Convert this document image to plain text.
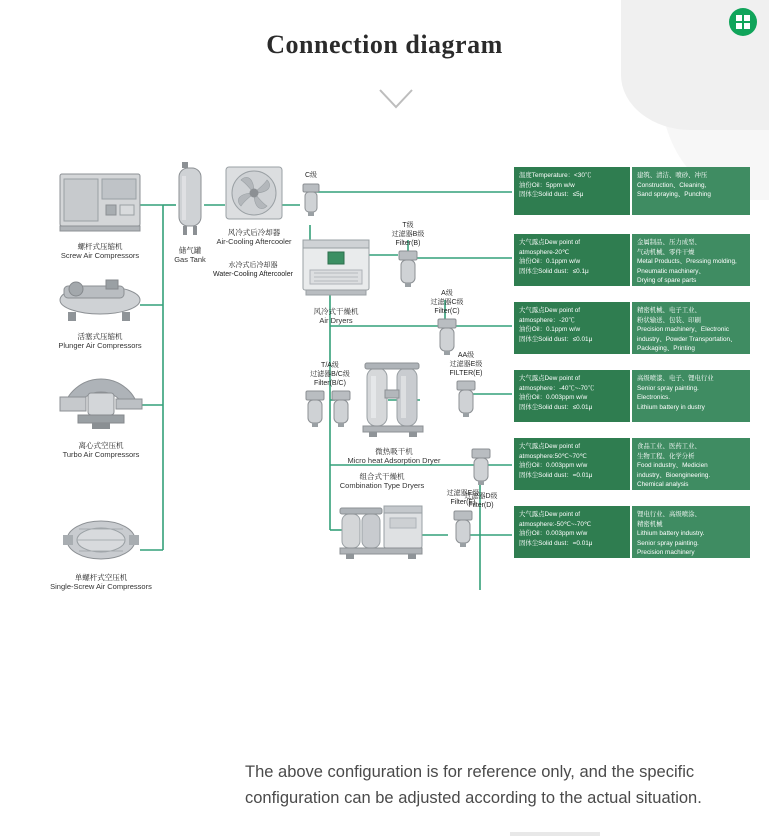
Connection diagram
螺杆式压缩机
Screw Air Compressors
活塞式压缩机
Plunger Air Compressors
离心式空压机
Turbo Air Compressors
单螺杆式空压机
Single-Screw Air Compressors
储气罐
Gas Tank
风冷式后冷却器
Air-Cooling Aftercooler
水冷式后冷却器
Water-Cooling Aftercooler
C级
风冷式干燥机
Air Dryers
T级
过滤器B级
Filter(B)
A级
过滤器C级
Filter(C)
T/A级
过滤器B/C级
Filter(B/C)
微热吸干机
Micro heat Adsorption Dryer
AA级
过滤器E级
FILTER(E)
过滤器D级
Filter(D)
组合式干燥机
Combination Type Dryers
过滤器E级
Filter(E)
温度Temperature：<30℃
油份Oil：5ppm w/w
固体尘Solid dust：≤5μ
建筑、清洁、喷砂、冲压
Construction、Cleaning,
Sand spraying、Punching
大气露点Dew point of
atmosphere-20℃
油份Oil：0.1ppm w/w
固体尘Solid dust：≤0.1μ
金属制品、压力成型、
气动机械、零件干燥
Metal Products、Pressing molding,
Pneumatic machinery、
Drying of spare parts
大气露点Dew point of
atmosphere：-20℃
油份Oil：0.1ppm w/w
固体尘Solid dust：≤0.01μ
精密机械、电子工业、
粉状输送、包装、印刷
Precision machinery、Electronic
industry、Powder Transportation、
Packaging、Printing
大气露点Dew point of
atmosphere：-40℃~-70℃
油份Oil：0.003ppm w/w
固体尘Solid dust：≤0.01μ
高级喷漆、电子、锂电行业
Senior spray painting.
Electronics.
Lithium battery in dustry
大气露点Dew point of
atmosphere:50℃~70℃
油份Oil：0.003ppm w/w
固体尘Solid dust：=0.01μ
食品工业、医药工业、
生物工程、化学分析
Food industry、Medicien
industry、Bioengineering.
Chemical analysis
大气露点Dew point of
atmosphere:-50℃~-70℃
油份Oil：0.003ppm w/w
固体尘Solid dust：=0.01μ
锂电行业、高级喷涂、
精密机械
Lithium battery industry.
Senior spray painting.
Precision machinery
The above configuration is for reference only, and the specific configuration can be adjusted according to the actual situation.
